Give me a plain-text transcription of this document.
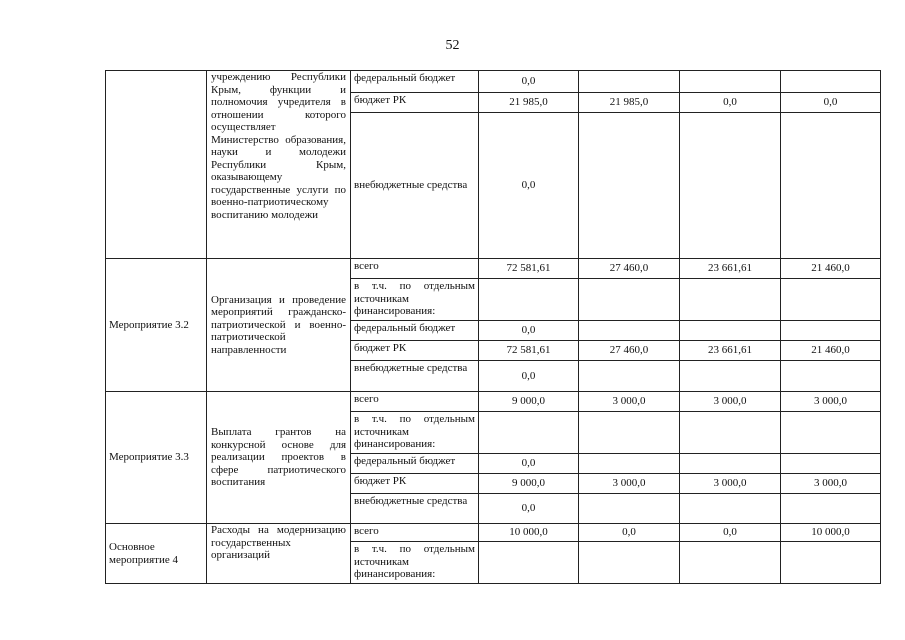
52
	учреждению Республики Крым, функции и полномочия учредителя в отношении которого осуществляет Министерство образования, науки и молодежи Республики Крым, оказывающему государственные услуги по военно-патриотическому воспитанию молодежи	федеральный бюджет	0,0			
		бюджет РК	21 985,0	21 985,0	0,0	0,0
		внебюджетные средства	0,0			
Мероприятие 3.2	Организация и проведение мероприятий гражданско-патриотической и военно-патриотической направленности	всего	72 581,61	27 460,0	23 661,61	21 460,0
		в т.ч. по отдельным источникам финансирования:				
		федеральный бюджет	0,0			
		бюджет РК	72 581,61	27 460,0	23 661,61	21 460,0
		внебюджетные средства	0,0			
Мероприятие 3.3	Выплата грантов на конкурсной основе для реализации проектов в сфере патриотического воспитания	всего	9 000,0	3 000,0	3 000,0	3 000,0
		в т.ч. по отдельным источникам финансирования:				
		федеральный бюджет	0,0			
		бюджет РК	9 000,0	3 000,0	3 000,0	3 000,0
		внебюджетные средства	0,0			
Основное мероприятие 4	Расходы на модернизацию государственных организаций	всего	10 000,0	0,0	0,0	10 000,0
		в т.ч. по отдельным источникам финансирования:				
